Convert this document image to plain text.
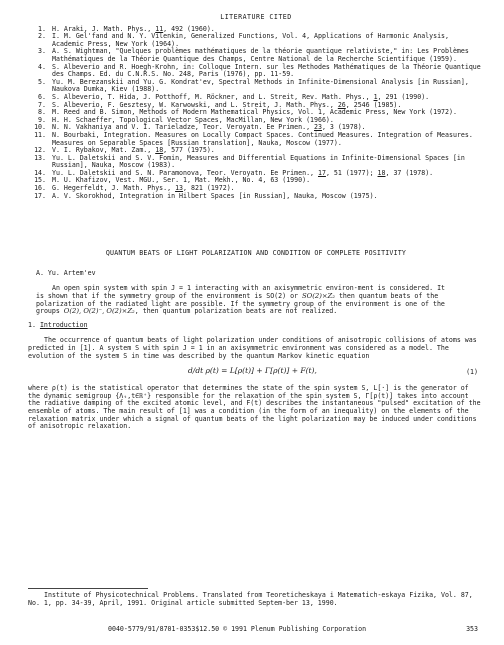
LITERATURE CITED
1. H. Araki, J. Math. Phys., 11, 492 (1960).
2. I. M. Gel'fand and N. Y. Vilenkin, Generalized Functions, Vol. 4, Applications of Harmonic Analysis, Academic Press, New York (1964).
3. A. S. Wightman, "Quelques problèmes mathématiques de la théorie quantique relativiste," in: Les Problèmes Mathématiques de la Théorie Quantique des Champs, Centre National de la Recherche Scientifique (1959).
4. S. Albeverio and R. Hoegh-Krohn, in: Colloque Intern. sur les Methodes Mathématiques de la Théorie Quantique des Champs. Ed. du C.N.R.S. No. 248, Paris (1976), pp. 11-59.
5. Yu. M. Berezanskii and Yu. G. Kondrat'ev, Spectral Methods in Infinite-Dimensional Analysis [in Russian], Naukova Dumka, Kiev (1988).
6. S. Albeverio, T. Hida, J. Potthoff, M. Röckner, and L. Streit, Rev. Math. Phys., 1, 291 (1990).
7. S. Albeverio, F. Gesztesy, W. Karwowski, and L. Streit, J. Math. Phys., 26, 2546 (1985).
8. M. Reed and B. Simon, Methods of Modern Mathematical Physics, Vol. 1, Academic Press, New York (1972).
9. H. H. Schaeffer, Topological Vector Spaces, MacMillan, New York (1966).
10. N. N. Vakhaniya and V. I. Tarieladze, Teor. Veroyatn. Ee Primen., 23, 3 (1978).
11. N. Bourbaki, Integration. Measures on Locally Compact Spaces. Continued Measures. Integration of Measures. Measures on Separable Spaces [Russian translation], Nauka, Moscow (1977).
12. V. I. Rybakov, Mat. Zam., 18, 577 (1975).
13. Yu. L. Daletskii and S. V. Fomin, Measures and Differential Equations in Infinite-Dimensional Spaces [in Russian], Nauka, Moscow (1983).
14. Yu. L. Daletskii and S. N. Paramonova, Teor. Veroyatn. Ee Primen., 17, 51 (1977); 18, 37 (1978).
15. M. U. Khafizov, Vest. MGU., Ser. 1, Mat. Mekh., No. 4, 63 (1990).
16. G. Hegerfeldt, J. Math. Phys., 13, 821 (1972).
17. A. V. Skorokhod, Integration in Hilbert Spaces [in Russian], Nauka, Moscow (1975).
QUANTUM BEATS OF LIGHT POLARIZATION AND CONDITION OF COMPLETE POSITIVITY
A. Yu. Artem'ev

An open spin system with spin J = 1 interacting with an axisymmetric environ-ment is considered. It is shown that if the symmetry group of the environment is SO(2) or SO(2)×Z₂ then quantum beats of the polarization of the radiated light are possible. If the symmetry group of the environment is one of the groups O(2), O(2)⁻, O(2)×Z₂, then quantum polarization beats are not realized.

1. Introduction

The occurrence of quantum beats of light polarization under conditions of anisotropic collisions of atoms was predicted in [1]. A system S with spin J = 1 in an axisymmetric environment was considered as a model. The evolution of the system S in time was described by the quantum Markov kinetic equation

d/dt ρ(t) = L[ρ(t)] + Γ[ρ(t)] + F(t),	(1)

where ρ(t) is the statistical operator that determines the state of the spin system S, L[·] is the generator of the dynamic semigroup {Λₜ,t∈ℝ⁺} responsible for the relaxation of the spin system S, Γ[ρ(t)] takes into account the radiative damping of the excited atomic level, and F(t) describes the instantaneous "pulsed" excitation of the ensemble of atoms. The main result of [1] was a condition (in the form of an inequality) on the elements of the relaxation matrix under which a signal of quantum beats of the light polarization may be induced under conditions of anisotropic relaxation.

Institute of Physicotechnical Problems. Translated from Teoreticheskaya i Matematich-eskaya Fizika, Vol. 87, No. 1, pp. 34-39, April, 1991. Original article submitted Septem-ber 13, 1990.

0040-5779/91/8701-0353$12.50 © 1991 Plenum Publishing Corporation	353
